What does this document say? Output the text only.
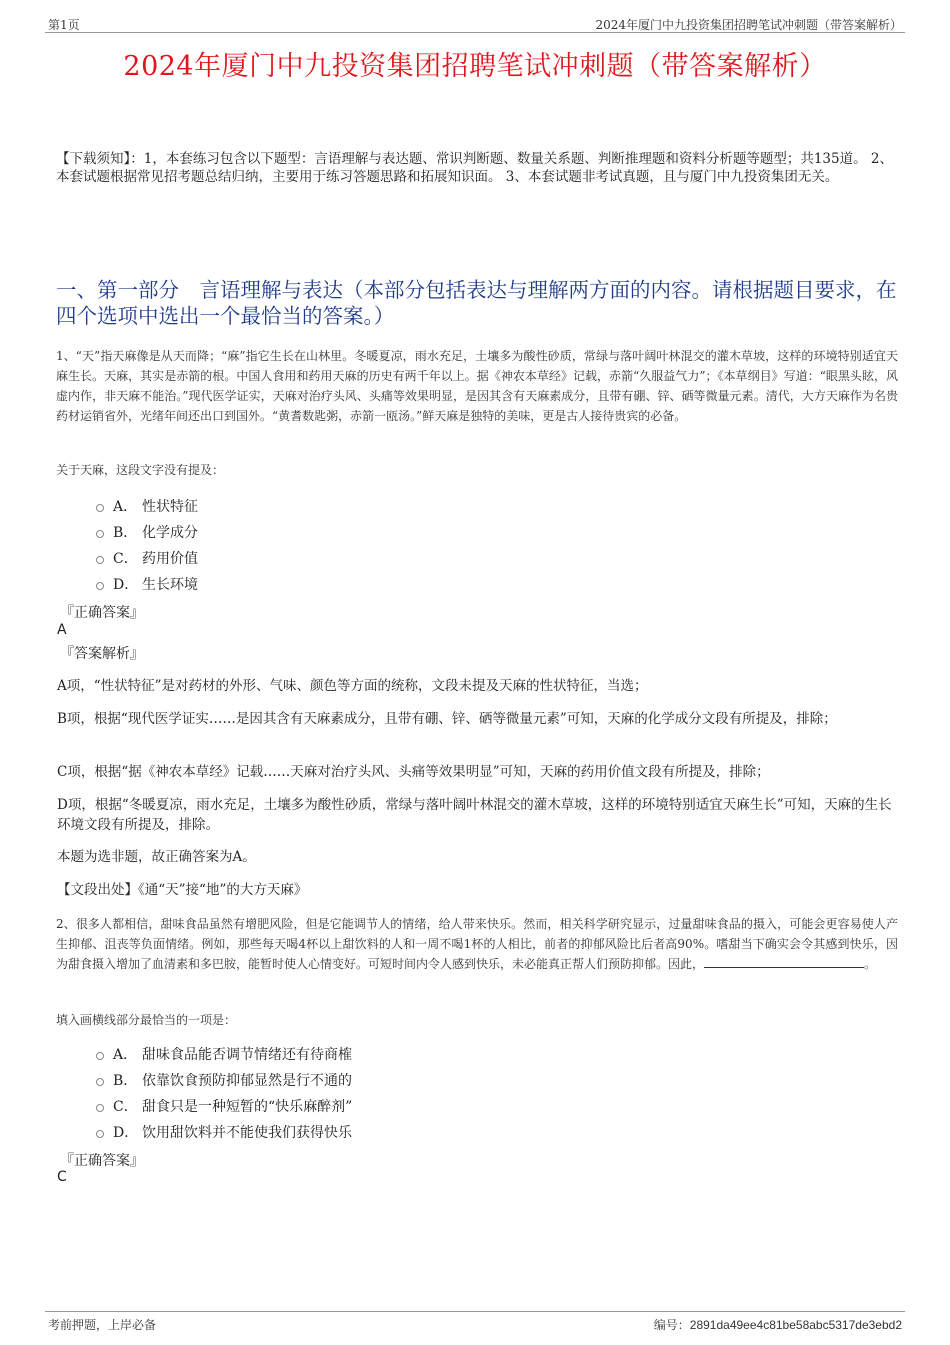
第1页	2024年厦门中九投资集团招聘笔试冲刺题（带答案解析）
2024年厦门中九投资集团招聘笔试冲刺题（带答案解析）
【下载须知】：1，本套练习包含以下题型：言语理解与表达题、常识判断题、数量关系题、判断推理题和资料分析题等题型；共135道。 2、本套试题根据常见招考题总结归纳，主要用于练习答题思路和拓展知识面。 3、本套试题非考试真题，且与厦门中九投资集团无关。
一、第一部分　言语理解与表达（本部分包括表达与理解两方面的内容。请根据题目要求，在四个选项中选出一个最恰当的答案。）
1、“天”指天麻像是从天而降；“麻”指它生长在山林里。冬暖夏凉，雨水充足，土壤多为酸性砂质，常绿与落叶阔叶林混交的灌木草坡，这样的环境特别适宜天麻生长。天麻，其实是赤箭的根。中国人食用和药用天麻的历史有两千年以上。据《神农本草经》记载，赤箭“久服益气力”；《本草纲目》写道：“眼黑头眩，风虚内作，非天麻不能治。”现代医学证实，天麻对治疗头风、头痛等效果明显，是因其含有天麻素成分，且带有硼、锌、硒等微量元素。清代，大方天麻作为名贵药材运销省外，光绪年间还出口到国外。“黄耆数匙粥，赤箭一瓯汤。”鲜天麻是独特的美味，更是古人接待贵宾的必备。
关于天麻，这段文字没有提及：
A． 性状特征
B． 化学成分
C． 药用价值
D． 生长环境
『正确答案』
A
『答案解析』
A项，“性状特征”是对药材的外形、气味、颜色等方面的统称，文段未提及天麻的性状特征，当选；
B项，根据“现代医学证实……是因其含有天麻素成分，且带有硼、锌、硒等微量元素”可知，天麻的化学成分文段有所提及，排除；
C项，根据“据《神农本草经》记载……天麻对治疗头风、头痛等效果明显”可知，天麻的药用价值文段有所提及，排除；
D项，根据“冬暖夏凉，雨水充足，土壤多为酸性砂质，常绿与落叶阔叶林混交的灌木草坡，这样的环境特别适宜天麻生长”可知，天麻的生长环境文段有所提及，排除。
本题为选非题，故正确答案为A。
【文段出处】《通“天”接“地”的大方天麻》
2、很多人都相信，甜味食品虽然有增肥风险，但是它能调节人的情绪，给人带来快乐。然而，相关科学研究显示，过量甜味食品的摄入，可能会更容易使人产生抑郁、沮丧等负面情绪。例如，那些每天喝4杯以上甜饮料的人和一周不喝1杯的人相比，前者的抑郁风险比后者高90%。嗜甜当下确实会令其感到快乐，因为甜食摄入增加了血清素和多巴胺，能暂时使人心情变好。可短时间内令人感到快乐，未必能真正帮人们预防抑郁。因此，	。
填入画横线部分最恰当的一项是：
A． 甜味食品能否调节情绪还有待商榷
B． 依靠饮食预防抑郁显然是行不通的
C． 甜食只是一种短暂的“快乐麻醉剂”
D． 饮用甜饮料并不能使我们获得快乐
『正确答案』
C
考前押题，上岸必备	编号：2891da49ee4c81be58abc5317de3ebd2
